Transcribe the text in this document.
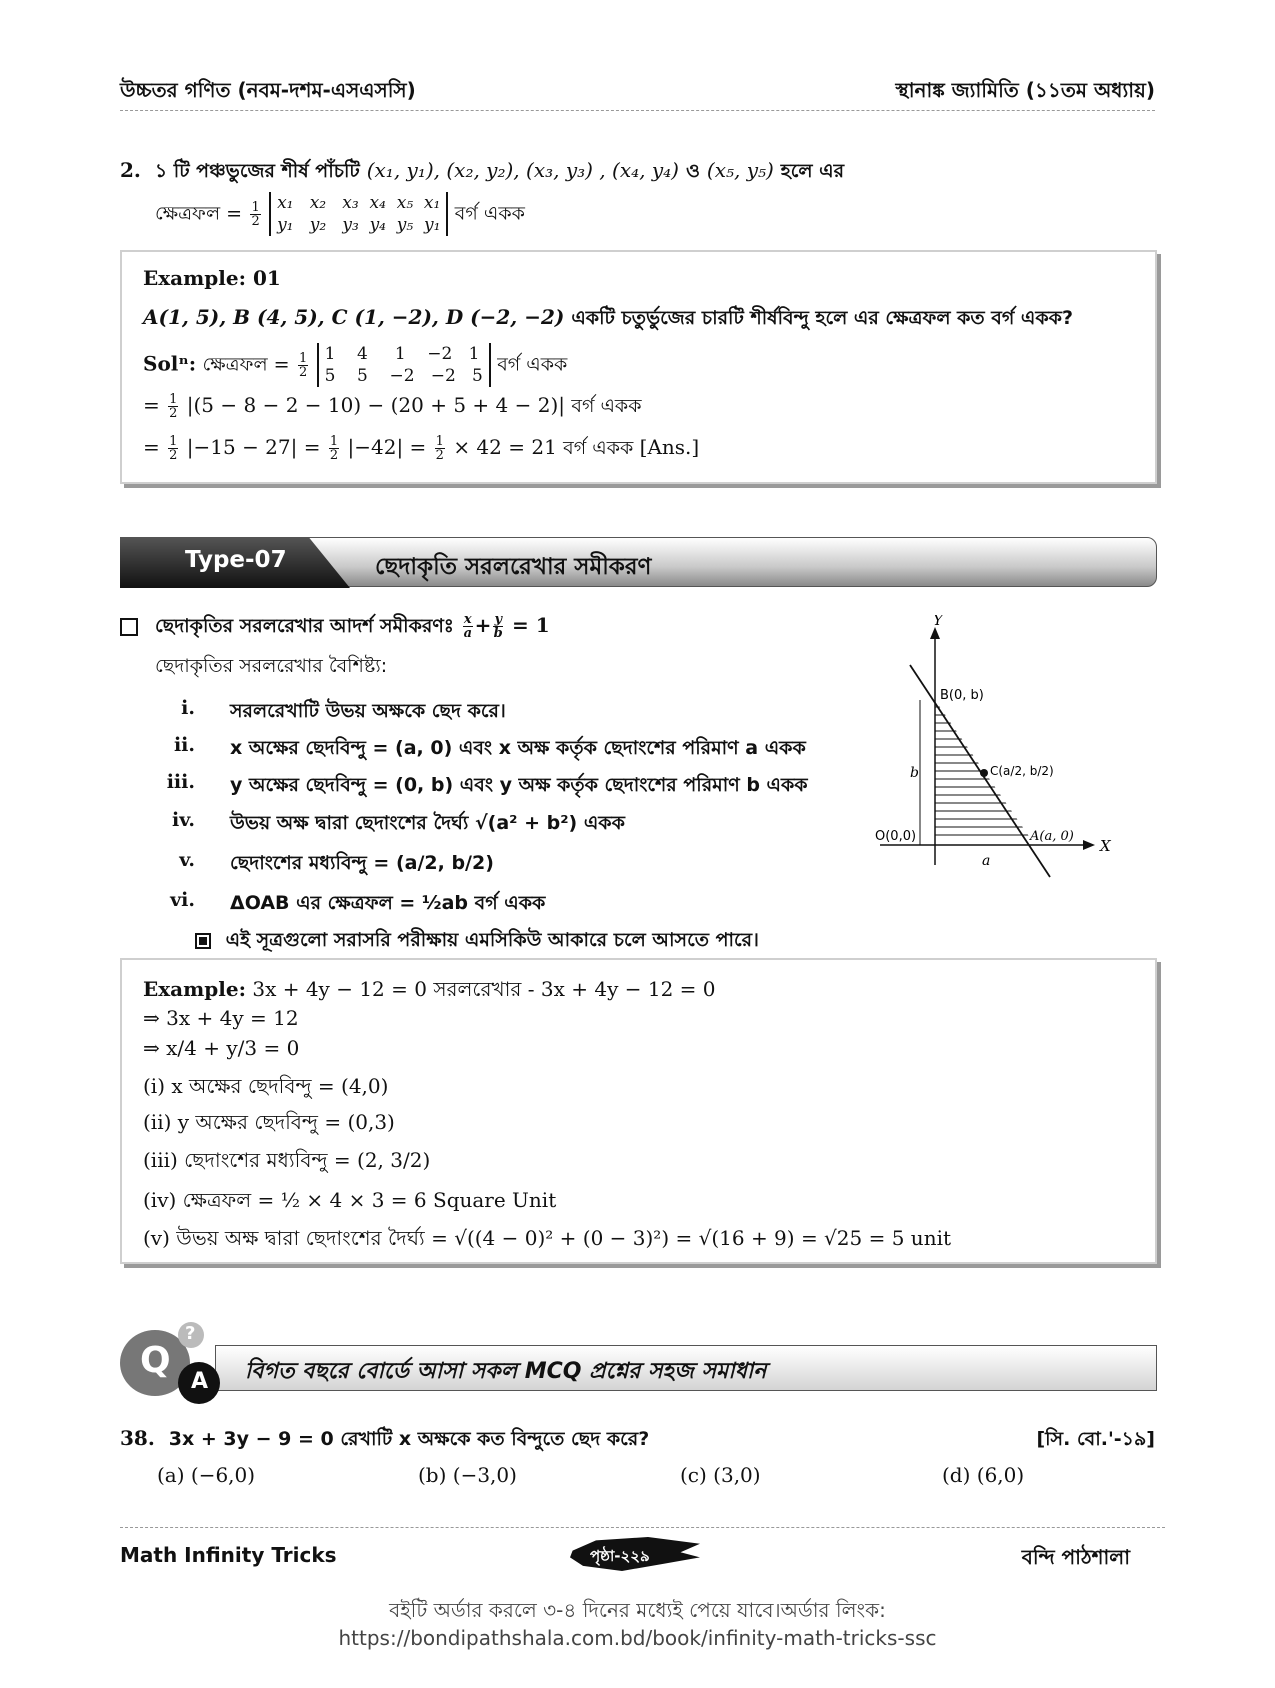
উচ্চতর গণিত (নবম-দশম-এসএসসি)	স্থানাঙ্ক জ্যামিতি (১১তম অধ্যায়)
2. ১ টি পঞ্চভুজের শীর্ষ পাঁচটি (x₁, y₁), (x₂, y₂), (x₃, y₃) , (x₄, y₄) ও (x₅, y₅) হলে এর
ক্ষেত্রফল = $\frac{1}{2}$
x₁   x₂   x₃  x₄  x₅  x₁
y₁   y₂   y₃  y₄  y₅  y₁
বর্গ একক
Example: 01
A(1, 5), B (4, 5), C (1, −2), D (−2, −2) একটি চতুর্ভুজের চারটি শীর্ষবিন্দু হলে এর ক্ষেত্রফল কত বর্গ একক?
Solⁿ: ক্ষেত্রফল = $\frac{1}{2}$
1    4     1    −2   1
5    5    −2   −2   5
বর্গ একক
= $\frac{1}{2} |(5 - 8 - 2 - 10) - (20 + 5 + 4 - 2)|$ বর্গ একক
= $\frac{1}{2} |-15 - 27| = \frac{1}{2} |-42| = \frac{1}{2} \times 42 = 21$ বর্গ একক [Ans.]
Type-07	ছেদাকৃতি সরলরেখার সমীকরণ
ছেদাকৃতির সরলরেখার আদর্শ সমীকরণঃ $\frac{x}{a} + \frac{y}{b} = 1$
ছেদাকৃতির সরলরেখার বৈশিষ্ট্য:
i. সরলরেখাটি উভয় অক্ষকে ছেদ করে।
ii. x অক্ষের ছেদবিন্দু = (a, 0) এবং x অক্ষ কর্তৃক ছেদাংশের পরিমাণ a একক
iii. y অক্ষের ছেদবিন্দু = (0, b) এবং y অক্ষ কর্তৃক ছেদাংশের পরিমাণ b একক
iv. উভয় অক্ষ দ্বারা ছেদাংশের দৈর্ঘ্য √(a² + b²) একক
v. ছেদাংশের মধ্যবিন্দু = (a/2, b/2)
vi. ΔOAB এর ক্ষেত্রফল = ½ab বর্গ একক
এই সূত্রগুলো সরাসরি পরীক্ষায় এমসিকিউ আকারে চলে আসতে পারে।
Y
X
B(0, b)
C(a/2, b/2)
O(0,0)	A(a, 0)
b
a
Example: 3x + 4y − 12 = 0 সরলরেখার - 3x + 4y − 12 = 0
⇒ 3x + 4y = 12
⇒ x/4 + y/3 = 0
(i) x অক্ষের ছেদবিন্দু = (4,0)
(ii) y অক্ষের ছেদবিন্দু = (0,3)
(iii) ছেদাংশের মধ্যবিন্দু = (2, 3/2)
(iv) ক্ষেত্রফল = ½ × 4 × 3 = 6 Square Unit
(v) উভয় অক্ষ দ্বারা ছেদাংশের দৈর্ঘ্য = √((4 − 0)² + (0 − 3)²) = √(16 + 9) = √25 = 5 unit
Q
A
?
বিগত বছরে বোর্ডে আসা সকল MCQ প্রশ্নের সহজ সমাধান
38. 3x + 3y − 9 = 0 রেখাটি x অক্ষকে কত বিন্দুতে ছেদ করে?	[সি. বো.'-১৯]
(a) (−6,0)	(b) (−3,0)	(c) (3,0)	(d) (6,0)
Math Infinity Tricks	পৃষ্ঠা-২২৯	বন্দি পাঠশালা
বইটি অর্ডার করলে ৩-৪ দিনের মধ্যেই পেয়ে যাবে।অর্ডার লিংক:
https://bondipathshala.com.bd/book/infinity-math-tricks-ssc
